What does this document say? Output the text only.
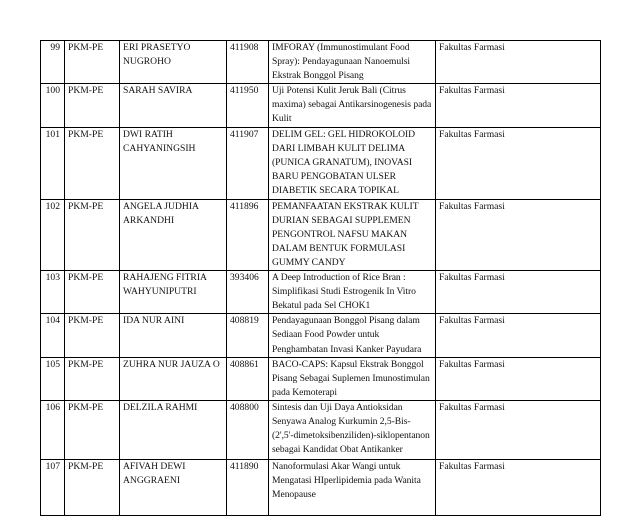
99	PKM-PE	ERI PRASETYO NUGROHO	411908	IMFORAY (Immunostimulant Food Spray): Pendayagunaan Nanoemulsi Ekstrak Bonggol Pisang	Fakultas Farmasi
100	PKM-PE	SARAH SAVIRA	411950	Uji Potensi Kulit Jeruk Bali (Citrus maxima) sebagai Antikarsinogenesis pada Kulit	Fakultas Farmasi
101	PKM-PE	DWI RATIH CAHYANINGSIH	411907	DELIM GEL: GEL HIDROKOLOID DARI LIMBAH KULIT DELIMA (PUNICA GRANATUM), INOVASI BARU PENGOBATAN ULSER DIABETIK SECARA TOPIKAL	Fakultas Farmasi
102	PKM-PE	ANGELA JUDHIA ARKANDHI	411896	PEMANFAATAN EKSTRAK KULIT DURIAN SEBAGAI SUPPLEMEN PENGONTROL NAFSU MAKAN DALAM BENTUK FORMULASI GUMMY CANDY	Fakultas Farmasi
103	PKM-PE	RAHAJENG FITRIA WAHYUNIPUTRI	393406	A Deep Introduction of Rice Bran : Simplifikasi Studi Estrogenik In Vitro Bekatul pada Sel CHOK1	Fakultas Farmasi
104	PKM-PE	IDA NUR AINI	408819	Pendayagunaan Bonggol Pisang dalam Sediaan Food Powder untuk Penghambatan Invasi Kanker Payudara	Fakultas Farmasi
105	PKM-PE	ZUHRA NUR JAUZA O	408861	BACO-CAPS: Kapsul Ekstrak Bonggol Pisang Sebagai Suplemen Imunostimulan pada Kemoterapi	Fakultas Farmasi
106	PKM-PE	DELZILA RAHMI	408800	Sintesis dan Uji Daya Antioksidan Senyawa Analog Kurkumin 2,5-Bis-(2',5'-dimetoksibenziliden)-siklopentanon sebagai Kandidat Obat Antikanker	Fakultas Farmasi
107	PKM-PE	AFIVAH DEWI ANGGRAENI	411890	Nanoformulasi Akar Wangi untuk Mengatasi HIperlipidemia pada Wanita Menopause	Fakultas Farmasi
